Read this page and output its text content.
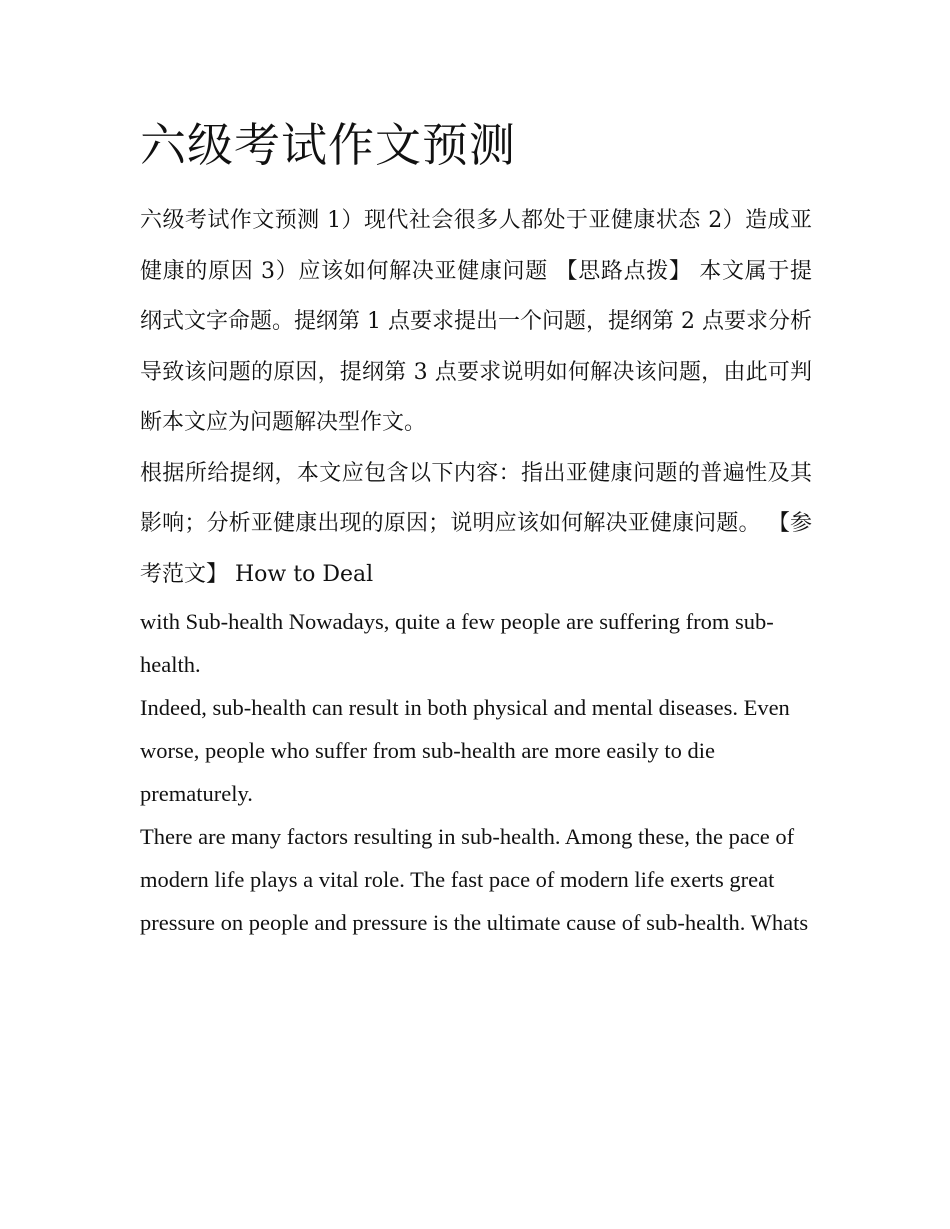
六级考试作文预测

六级考试作文预测 1）现代社会很多人都处于亚健康状态 2）造成亚健康的原因 3）应该如何解决亚健康问题 【思路点拨】 本文属于提纲式文字命题。提纲第 1 点要求提出一个问题，提纲第 2 点要求分析导致该问题的原因，提纲第 3 点要求说明如何解决该问题，由此可判断本文应为问题解决型作文。

根据所给提纲，本文应包含以下内容：指出亚健康问题的普遍性及其影响；分析亚健康出现的原因；说明应该如何解决亚健康问题。 【参考范文】 How to Deal

with Sub-health Nowadays, quite a few people are suffering from sub-health.

Indeed, sub-health can result in both physical and mental diseases. Even

worse, people who suffer from sub-health are more easily to die prematurely.

There are many factors resulting in sub-health. Among these, the pace of

modern life plays a vital role. The fast pace of modern life exerts great

pressure on people and pressure is the ultimate cause of sub-health. Whats
